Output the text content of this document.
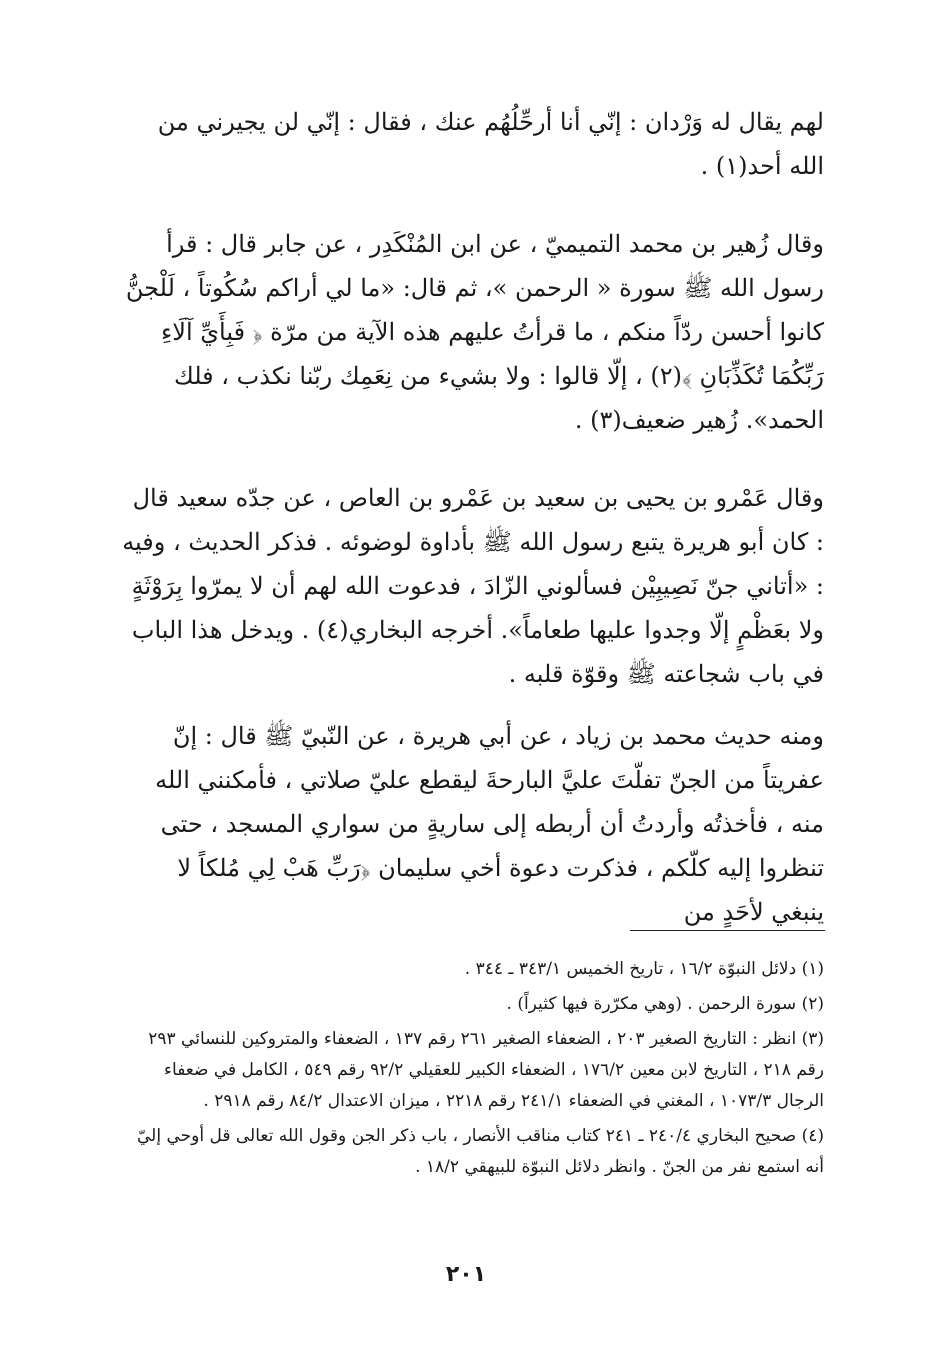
لهم يقال له وَرْدان : إنّي أنا أرحِّلُهُم عنك ، فقال : إنّي لن يجيرني من الله أحد(١) .

وقال زُهير بن محمد التميميّ ، عن ابن المُنْكَدِر ، عن جابر قال : قرأ رسول الله ﷺ سورة « الرحمن »، ثم قال: «ما لي أراكم سُكُوتاً ، لَلْجنُّ كانوا أحسن ردّاً منكم ، ما قرأتُ عليهم هذه الآية من مرّة ﴿ فَبِأَيِّ آلَاءِ رَبِّكُمَا تُكَذِّبَانِ ﴾(٢) ، إلّا قالوا : ولا بشيء من نِعَمِك ربّنا نكذب ، فلك الحمد». زُهير ضعيف(٣) .

وقال عَمْرو بن يحيى بن سعيد بن عَمْرو بن العاص ، عن جدّه سعيد قال : كان أبو هريرة يتبع رسول الله ﷺ بأداوة لوضوئه . فذكر الحديث ، وفيه : «أتاني جنّ نَصِيبِيْن فسألوني الزّادَ ، فدعوت الله لهم أن لا يمرّوا بِرَوْثَةٍ ولا بعَظْمٍ إلّا وجدوا عليها طعاماً». أخرجه البخاري(٤) . ويدخل هذا الباب في باب شجاعته ﷺ وقوّة قلبه .

ومنه حديث محمد بن زياد ، عن أبي هريرة ، عن النّبيّ ﷺ قال : إنّ عفريتاً من الجنّ تفلّتَ عليَّ البارحةَ ليقطع عليّ صلاتي ، فأمكنني الله منه ، فأخذتُه وأردتُ أن أربطه إلى ساريةٍ من سواري المسجد ، حتى تنظروا إليه كلّكم ، فذكرت دعوة أخي سليمان ﴿رَبِّ هَبْ لِي مُلكاً لا ينبغي لأحَدٍ من

(١) دلائل النبوّة ١٦/٢ ، تاريخ الخميس ٣٤٣/١ ـ ٣٤٤ .

(٢) سورة الرحمن . (وهي مكرّرة فيها كثيراً) .

(٣) انظر : التاريخ الصغير ٢٠٣ ، الضعفاء الصغير ٢٦١ رقم ١٣٧ ، الضعفاء والمتروكين للنسائي ٢٩٣ رقم ٢١٨ ، التاريخ لابن معين ١٧٦/٢ ، الضعفاء الكبير للعقيلي ٩٢/٢ رقم ٥٤٩ ، الكامل في ضعفاء الرجال ١٠٧٣/٣ ، المغني في الضعفاء ٢٤١/١ رقم ٢٢١٨ ، ميزان الاعتدال ٨٤/٢ رقم ٢٩١٨ .

(٤) صحيح البخاري ٢٤٠/٤ ـ ٢٤١ كتاب مناقب الأنصار ، باب ذكر الجن وقول الله تعالى قل أوحي إليّ أنه استمع نفر من الجنّ . وانظر دلائل النبوّة للبيهقي ١٨/٢ .

٢٠١
